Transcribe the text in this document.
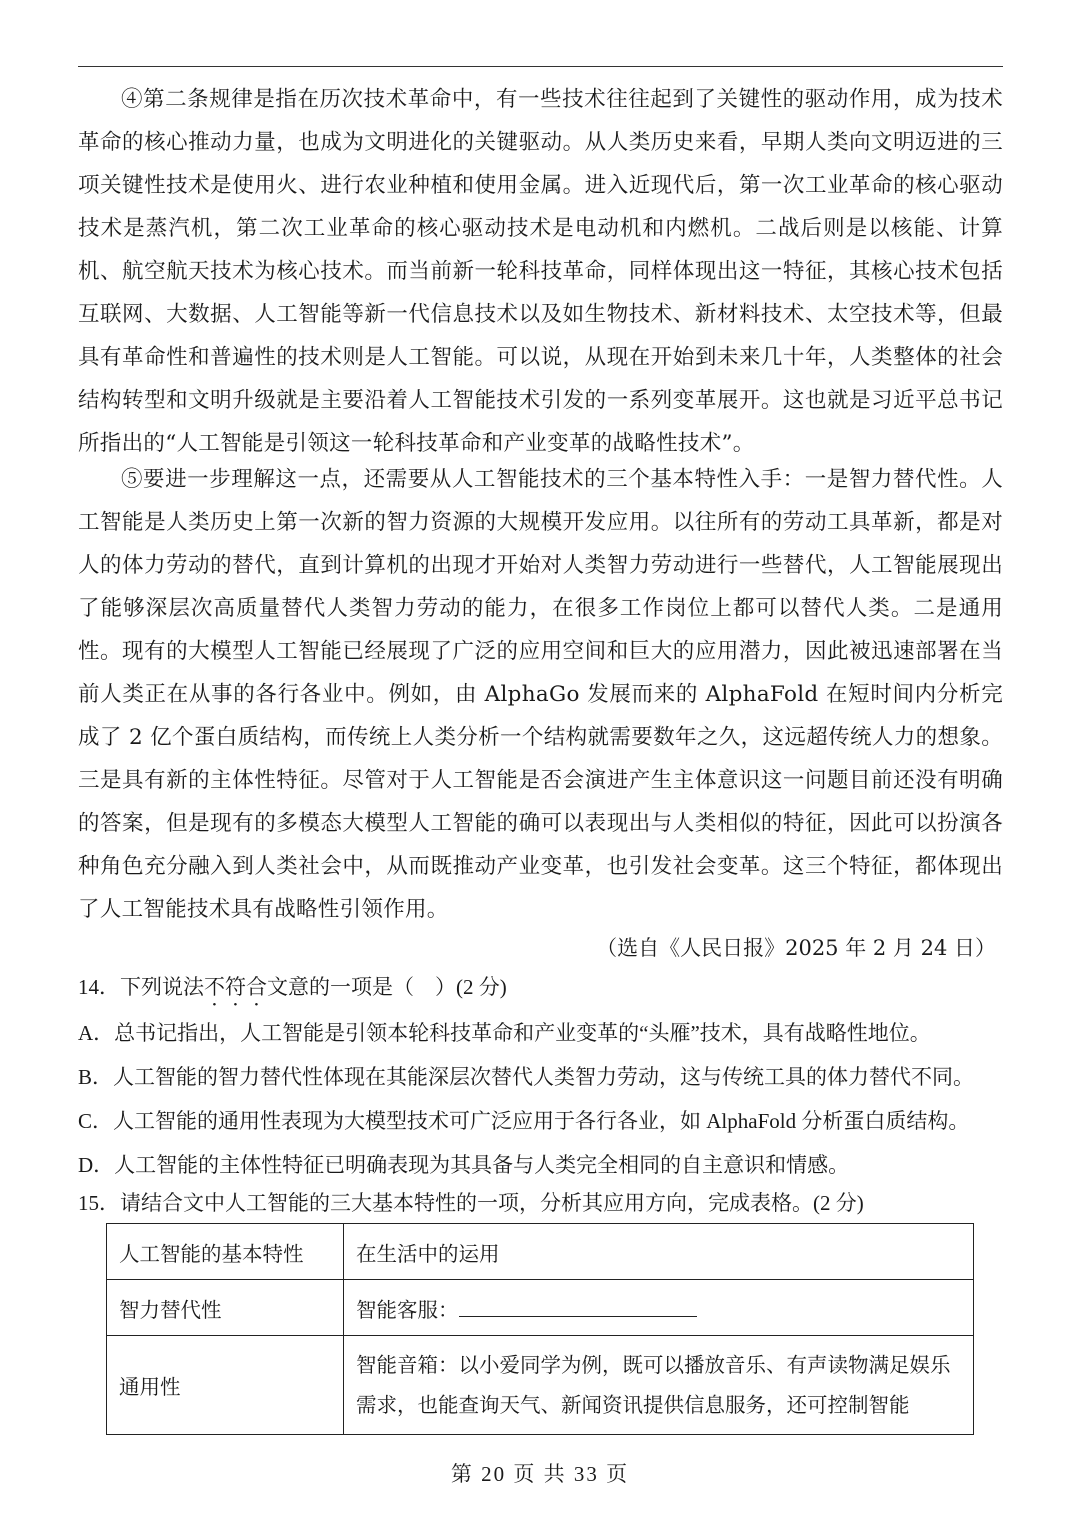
④第二条规律是指在历次技术革命中，有一些技术往往起到了关键性的驱动作用，成为技术革命的核心推动力量，也成为文明进化的关键驱动。从人类历史来看，早期人类向文明迈进的三项关键性技术是使用火、进行农业种植和使用金属。进入近现代后，第一次工业革命的核心驱动技术是蒸汽机，第二次工业革命的核心驱动技术是电动机和内燃机。二战后则是以核能、计算机、航空航天技术为核心技术。而当前新一轮科技革命，同样体现出这一特征，其核心技术包括互联网、大数据、人工智能等新一代信息技术以及如生物技术、新材料技术、太空技术等，但最具有革命性和普遍性的技术则是人工智能。可以说，从现在开始到未来几十年，人类整体的社会结构转型和文明升级就是主要沿着人工智能技术引发的一系列变革展开。这也就是习近平总书记所指出的“人工智能是引领这一轮科技革命和产业变革的战略性技术”。

⑤要进一步理解这一点，还需要从人工智能技术的三个基本特性入手：一是智力替代性。人工智能是人类历史上第一次新的智力资源的大规模开发应用。以往所有的劳动工具革新，都是对人的体力劳动的替代，直到计算机的出现才开始对人类智力劳动进行一些替代，人工智能展现出了能够深层次高质量替代人类智力劳动的能力，在很多工作岗位上都可以替代人类。二是通用性。现有的大模型人工智能已经展现了广泛的应用空间和巨大的应用潜力，因此被迅速部署在当前人类正在从事的各行各业中。例如，由 AlphaGo 发展而来的 AlphaFold 在短时间内分析完成了 2 亿个蛋白质结构，而传统上人类分析一个结构就需要数年之久，这远超传统人力的想象。三是具有新的主体性特征。尽管对于人工智能是否会演进产生主体意识这一问题目前还没有明确的答案，但是现有的多模态大模型人工智能的确可以表现出与人类相似的特征，因此可以扮演各种角色充分融入到人类社会中，从而既推动产业变革，也引发社会变革。这三个特征，都体现出了人工智能技术具有战略性引领作用。

（选自《人民日报》2025 年 2 月 24 日）
14．下列说法不符合文意的一项是（　）(2 分)
A．总书记指出，人工智能是引领本轮科技革命和产业变革的“头雁”技术，具有战略性地位。
B．人工智能的智力替代性体现在其能深层次替代人类智力劳动，这与传统工具的体力替代不同。
C．人工智能的通用性表现为大模型技术可广泛应用于各行各业，如 AlphaFold 分析蛋白质结构。
D．人工智能的主体性特征已明确表现为其具备与人类完全相同的自主意识和情感。
15．请结合文中人工智能的三大基本特性的一项，分析其应用方向，完成表格。(2 分)
人工智能的基本特性	在生活中的运用
智力替代性	智能客服：
通用性	智能音箱：以小爱同学为例，既可以播放音乐、有声读物满足娱乐需求，也能查询天气、新闻资讯提供信息服务，还可控制智能
第 20 页 共 33 页
